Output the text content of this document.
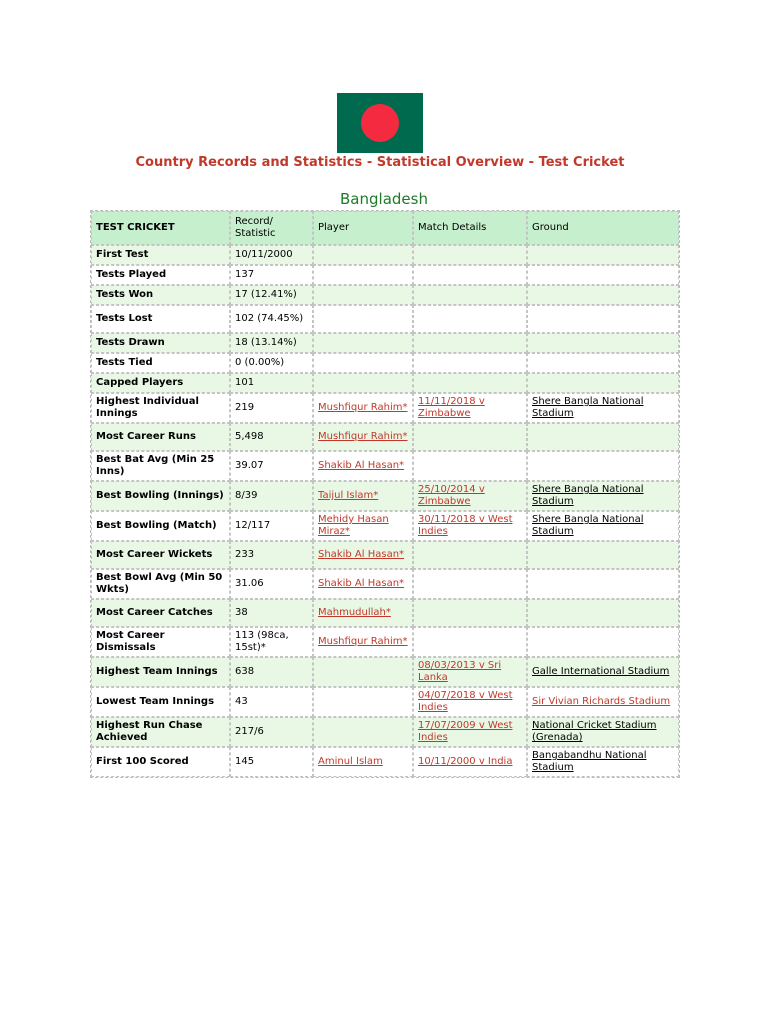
Country Records and Statistics - Statistical Overview - Test Cricket
Bangladesh
TEST CRICKET	Record/ Statistic	Player	Match Details	Ground
First Test	10/11/2000			
Tests Played	137			
Tests Won	17 (12.41%)			
Tests Lost	102 (74.45%)			
Tests Drawn	18 (13.14%)			
Tests Tied	0 (0.00%)			
Capped Players	101			
Highest Individual Innings	219	Mushfiqur Rahim*	11/11/2018 v Zimbabwe	Shere Bangla National Stadium
Most Career Runs	5,498	Mushfiqur Rahim*		
Best Bat Avg (Min 25 Inns)	39.07	Shakib Al Hasan*		
Best Bowling (Innings)	8/39	Taijul Islam*	25/10/2014 v Zimbabwe	Shere Bangla National Stadium
Best Bowling (Match)	12/117	Mehidy Hasan Miraz*	30/11/2018 v West Indies	Shere Bangla National Stadium
Most Career Wickets	233	Shakib Al Hasan*		
Best Bowl Avg (Min 50 Wkts)	31.06	Shakib Al Hasan*		
Most Career Catches	38	Mahmudullah*		
Most Career Dismissals	113 (98ca, 15st)*	Mushfiqur Rahim*		
Highest Team Innings	638		08/03/2013 v Sri Lanka	Galle International Stadium
Lowest Team Innings	43		04/07/2018 v West Indies	Sir Vivian Richards Stadium
Highest Run Chase Achieved	217/6		17/07/2009 v West Indies	National Cricket Stadium (Grenada)
First 100 Scored	145	Aminul Islam	10/11/2000 v India	Bangabandhu National Stadium
